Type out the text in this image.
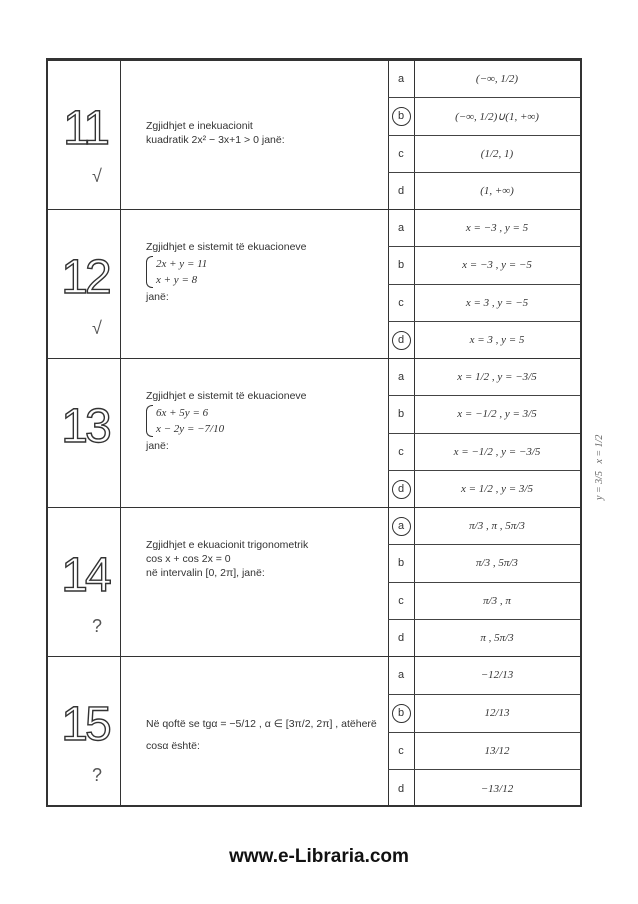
11
√
Zgjidhjet e inekuacionit
kuadratik 2x² − 3x+1 > 0 janë:
a	(−∞, 1/2)
b	(−∞, 1/2)∪(1, +∞)
c	(1/2, 1)
d	(1, +∞)
12
√
Zgjidhjet e sistemit të ekuacioneve
2x + y = 11
x + y = 8
janë:
a	x = −3 , y = 5
b	x = −3 , y = −5
c	x = 3 , y = −5
d	x = 3 , y = 5
13
Zgjidhjet e sistemit të ekuacioneve
6x + 5y = 6
x − 2y = −7/10
janë:
a	x = 1/2 , y = −3/5
b	x = −1/2 , y = 3/5
c	x = −1/2 , y = −3/5
d	x = 1/2 , y = 3/5
14
?
Zgjidhjet e ekuacionit trigonometrik
cos x + cos 2x = 0
në intervalin [0, 2π], janë:
a	π/3 , π , 5π/3
b	π/3 , 5π/3
c	π/3 , π
d	π , 5π/3
15
?
Në qoftë se tgα = −5/12 , α ∈ [3π/2, 2π] , atëherë
cosα është:
a	−12/13
b	12/13
c	13/12
d	−13/12
y = 3/5   x = 1/2
www.e-Libraria.com
